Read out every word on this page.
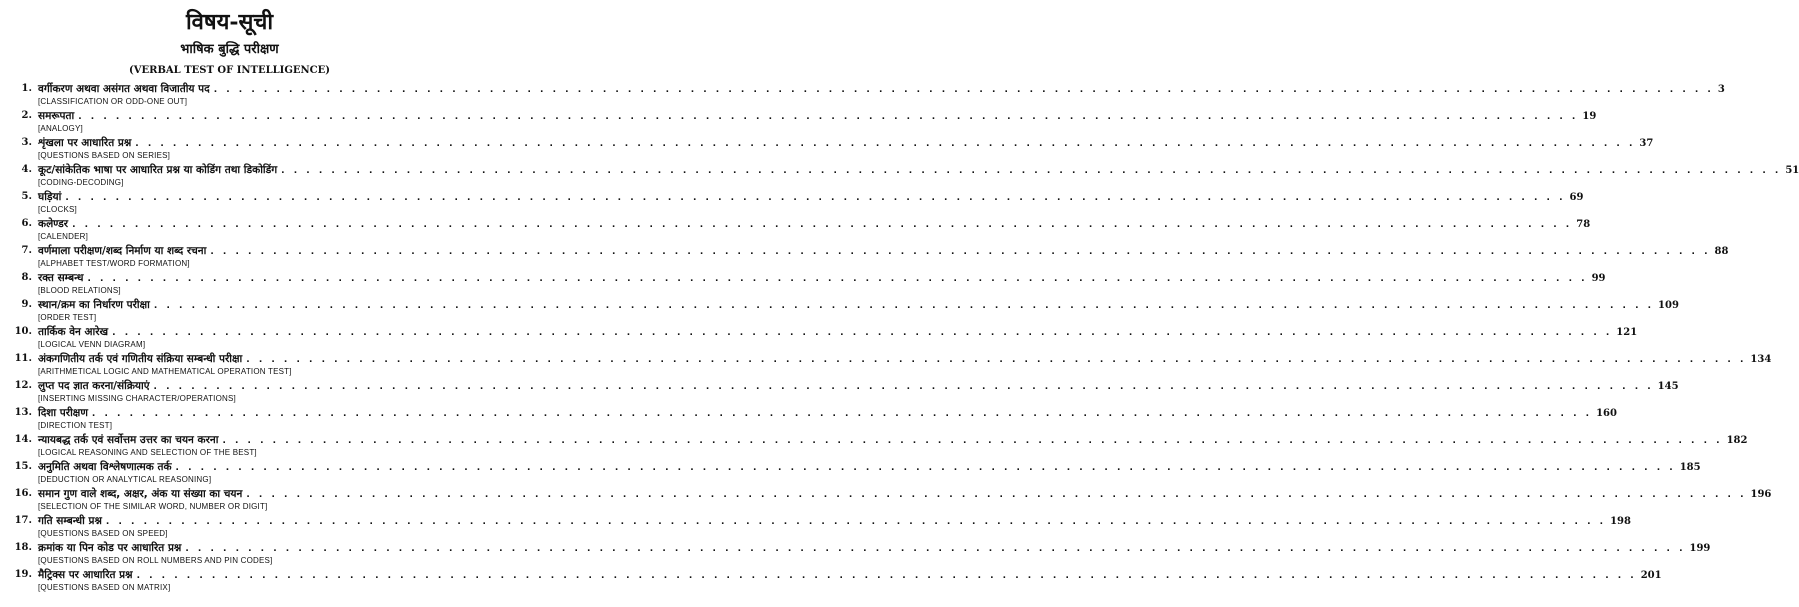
विषय-सूची
भाषिक बुद्धि परीक्षण
(VERBAL TEST OF INTELLIGENCE)
1. वर्गीकरण अथवा असंगत अथवा विजातीय पद . . . . . . . . . . . . . . . . . . . . . . . . . . . . . . . . . . . . . . . . . . . . . . . . . . . . . . . . . . . . . . . . . . . . . . . . . . . . . . . . . . . . . . . . . . . . . . . . . . . . . . . . . . . . . . . . . . . . . . . . 3
[CLASSIFICATION OR ODD-ONE OUT]
2. समरूपता . . . . . . . . . . . . . . . . . . . . . . . . . . . . . . . . . . . . . . . . . . . . . . . . . . . . . . . . . . . . . . . . . . . . . . . . . . . . . . . . . . . . . . . . . . . . . . . . . . . . . . . . . . . . . . . . . . . . . . . . 19
[ANALOGY]
3. शृंखला पर आधारित प्रश्न . . . . . . . . . . . . . . . . . . . . . . . . . . . . . . . . . . . . . . . . . . . . . . . . . . . . . . . . . . . . . . . . . . . . . . . . . . . . . . . . . . . . . . . . . . . . . . . . . . . . . . . . . . . . . . . . . . . . . . . . 37
[QUESTIONS BASED ON SERIES]
4. कूट/सांकेतिक भाषा पर आधारित प्रश्न या कोडिंग तथा डिकोडिंग . . . . . . . . . . . . . . . . . . . . . . . . . . . . . . . . . . . . . . . . . . . . . . . . . . . . . . . . . . . . . . . . . . . . . . . . . . . . . . . . . . . . . . . . . . . . . . . . . . . . . . . . . . . . . . . . . . . . . . . . 51
[CODING-DECODING]
5. घड़ियां . . . . . . . . . . . . . . . . . . . . . . . . . . . . . . . . . . . . . . . . . . . . . . . . . . . . . . . . . . . . . . . . . . . . . . . . . . . . . . . . . . . . . . . . . . . . . . . . . . . . . . . . . . . . . . . . . . . . . . . . 69
[CLOCKS]
6. कलेण्डर . . . . . . . . . . . . . . . . . . . . . . . . . . . . . . . . . . . . . . . . . . . . . . . . . . . . . . . . . . . . . . . . . . . . . . . . . . . . . . . . . . . . . . . . . . . . . . . . . . . . . . . . . . . . . . . . . . . . . . . . 78
[CALENDER]
7. वर्णमाला परीक्षण/शब्द निर्माण या शब्द रचना . . . . . . . . . . . . . . . . . . . . . . . . . . . . . . . . . . . . . . . . . . . . . . . . . . . . . . . . . . . . . . . . . . . . . . . . . . . . . . . . . . . . . . . . . . . . . . . . . . . . . . . . . . . . . . . . . . . . . . . . 88
[ALPHABET TEST/WORD FORMATION]
8. रक्त सम्बन्ध . . . . . . . . . . . . . . . . . . . . . . . . . . . . . . . . . . . . . . . . . . . . . . . . . . . . . . . . . . . . . . . . . . . . . . . . . . . . . . . . . . . . . . . . . . . . . . . . . . . . . . . . . . . . . . . . . . . . . . . . 99
[BLOOD RELATIONS]
9. स्थान/क्रम का निर्धारण परीक्षा . . . . . . . . . . . . . . . . . . . . . . . . . . . . . . . . . . . . . . . . . . . . . . . . . . . . . . . . . . . . . . . . . . . . . . . . . . . . . . . . . . . . . . . . . . . . . . . . . . . . . . . . . . . . . . . . . . . . . . . . 109
[ORDER TEST]
10. तार्किक वेन आरेख . . . . . . . . . . . . . . . . . . . . . . . . . . . . . . . . . . . . . . . . . . . . . . . . . . . . . . . . . . . . . . . . . . . . . . . . . . . . . . . . . . . . . . . . . . . . . . . . . . . . . . . . . . . . . . . . . . . . . . . . 121
[LOGICAL VENN DIAGRAM]
11. अंकगणितीय तर्क एवं गणितीय संक्रिया सम्बन्धी परीक्षा . . . . . . . . . . . . . . . . . . . . . . . . . . . . . . . . . . . . . . . . . . . . . . . . . . . . . . . . . . . . . . . . . . . . . . . . . . . . . . . . . . . . . . . . . . . . . . . . . . . . . . . . . . . . . . . . . . . . . . . . 134
[ARITHMETICAL LOGIC AND MATHEMATICAL OPERATION TEST]
12. लुप्त पद ज्ञात करना/संक्रियाएं . . . . . . . . . . . . . . . . . . . . . . . . . . . . . . . . . . . . . . . . . . . . . . . . . . . . . . . . . . . . . . . . . . . . . . . . . . . . . . . . . . . . . . . . . . . . . . . . . . . . . . . . . . . . . . . . . . . . . . . . 145
[INSERTING MISSING CHARACTER/OPERATIONS]
13. दिशा परीक्षण . . . . . . . . . . . . . . . . . . . . . . . . . . . . . . . . . . . . . . . . . . . . . . . . . . . . . . . . . . . . . . . . . . . . . . . . . . . . . . . . . . . . . . . . . . . . . . . . . . . . . . . . . . . . . . . . . . . . . . . . 160
[DIRECTION TEST]
14. न्यायबद्ध तर्क एवं सर्वोत्तम उत्तर का चयन करना . . . . . . . . . . . . . . . . . . . . . . . . . . . . . . . . . . . . . . . . . . . . . . . . . . . . . . . . . . . . . . . . . . . . . . . . . . . . . . . . . . . . . . . . . . . . . . . . . . . . . . . . . . . . . . . . . . . . . . . . 182
[LOGICAL REASONING AND SELECTION OF THE BEST]
15. अनुमिति अथवा विश्लेषणात्मक तर्क . . . . . . . . . . . . . . . . . . . . . . . . . . . . . . . . . . . . . . . . . . . . . . . . . . . . . . . . . . . . . . . . . . . . . . . . . . . . . . . . . . . . . . . . . . . . . . . . . . . . . . . . . . . . . . . . . . . . . . . . 185
[DEDUCTION OR ANALYTICAL REASONING]
16. समान गुण वाले शब्द, अक्षर, अंक या संख्या का चयन . . . . . . . . . . . . . . . . . . . . . . . . . . . . . . . . . . . . . . . . . . . . . . . . . . . . . . . . . . . . . . . . . . . . . . . . . . . . . . . . . . . . . . . . . . . . . . . . . . . . . . . . . . . . . . . . . . . . . . . . 196
[SELECTION OF THE SIMILAR WORD, NUMBER OR DIGIT]
17. गति सम्बन्धी प्रश्न . . . . . . . . . . . . . . . . . . . . . . . . . . . . . . . . . . . . . . . . . . . . . . . . . . . . . . . . . . . . . . . . . . . . . . . . . . . . . . . . . . . . . . . . . . . . . . . . . . . . . . . . . . . . . . . . . . . . . . . . 198
[QUESTIONS BASED ON SPEED]
18. क्रमांक या पिन कोड पर आधारित प्रश्न . . . . . . . . . . . . . . . . . . . . . . . . . . . . . . . . . . . . . . . . . . . . . . . . . . . . . . . . . . . . . . . . . . . . . . . . . . . . . . . . . . . . . . . . . . . . . . . . . . . . . . . . . . . . . . . . . . . . . . . . 199
[QUESTIONS BASED ON ROLL NUMBERS AND PIN CODES]
19. मैट्रिक्स पर आधारित प्रश्न . . . . . . . . . . . . . . . . . . . . . . . . . . . . . . . . . . . . . . . . . . . . . . . . . . . . . . . . . . . . . . . . . . . . . . . . . . . . . . . . . . . . . . . . . . . . . . . . . . . . . . . . . . . . . . . . . . . . . . . . 201
[QUESTIONS BASED ON MATRIX]
